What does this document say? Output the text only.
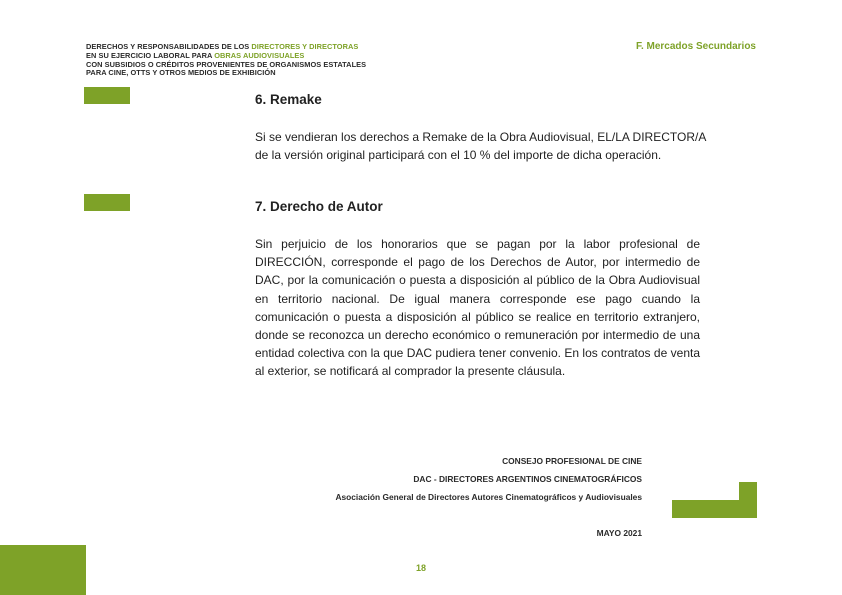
DERECHOS Y RESPONSABILIDADES DE LOS DIRECTORES Y DIRECTORAS
EN SU EJERCICIO LABORAL PARA OBRAS AUDIOVISUALES
CON SUBSIDIOS O CRÉDITOS PROVENIENTES DE ORGANISMOS ESTATALES
PARA CINE, OTTS Y OTROS MEDIOS DE EXHIBICIÓN
F. Mercados Secundarios
6. Remake
Si se vendieran los derechos a Remake de la Obra Audiovisual, EL/LA DIRECTOR/A
de la versión original participará con el 10 % del importe de dicha operación.
7. Derecho de Autor
Sin perjuicio de los honorarios que se pagan por la labor profesional de DIRECCIÓN, corresponde el pago de los Derechos de Autor, por intermedio de DAC, por la comunicación o puesta a disposición al público de la Obra Audiovisual en territorio nacional. De igual manera corresponde ese pago cuando la comunicación o puesta a disposición al público se realice en territorio extranjero, donde se reconozca un derecho económico o remuneración por intermedio de una entidad colectiva con la que DAC pudiera tener convenio. En los contratos de venta al exterior, se notificará al comprador la presente cláusula.
CONSEJO PROFESIONAL DE CINE
DAC - DIRECTORES ARGENTINOS CINEMATOGRÁFICOS
Asociación General de Directores Autores Cinematográficos y Audiovisuales
MAYO 2021
18
